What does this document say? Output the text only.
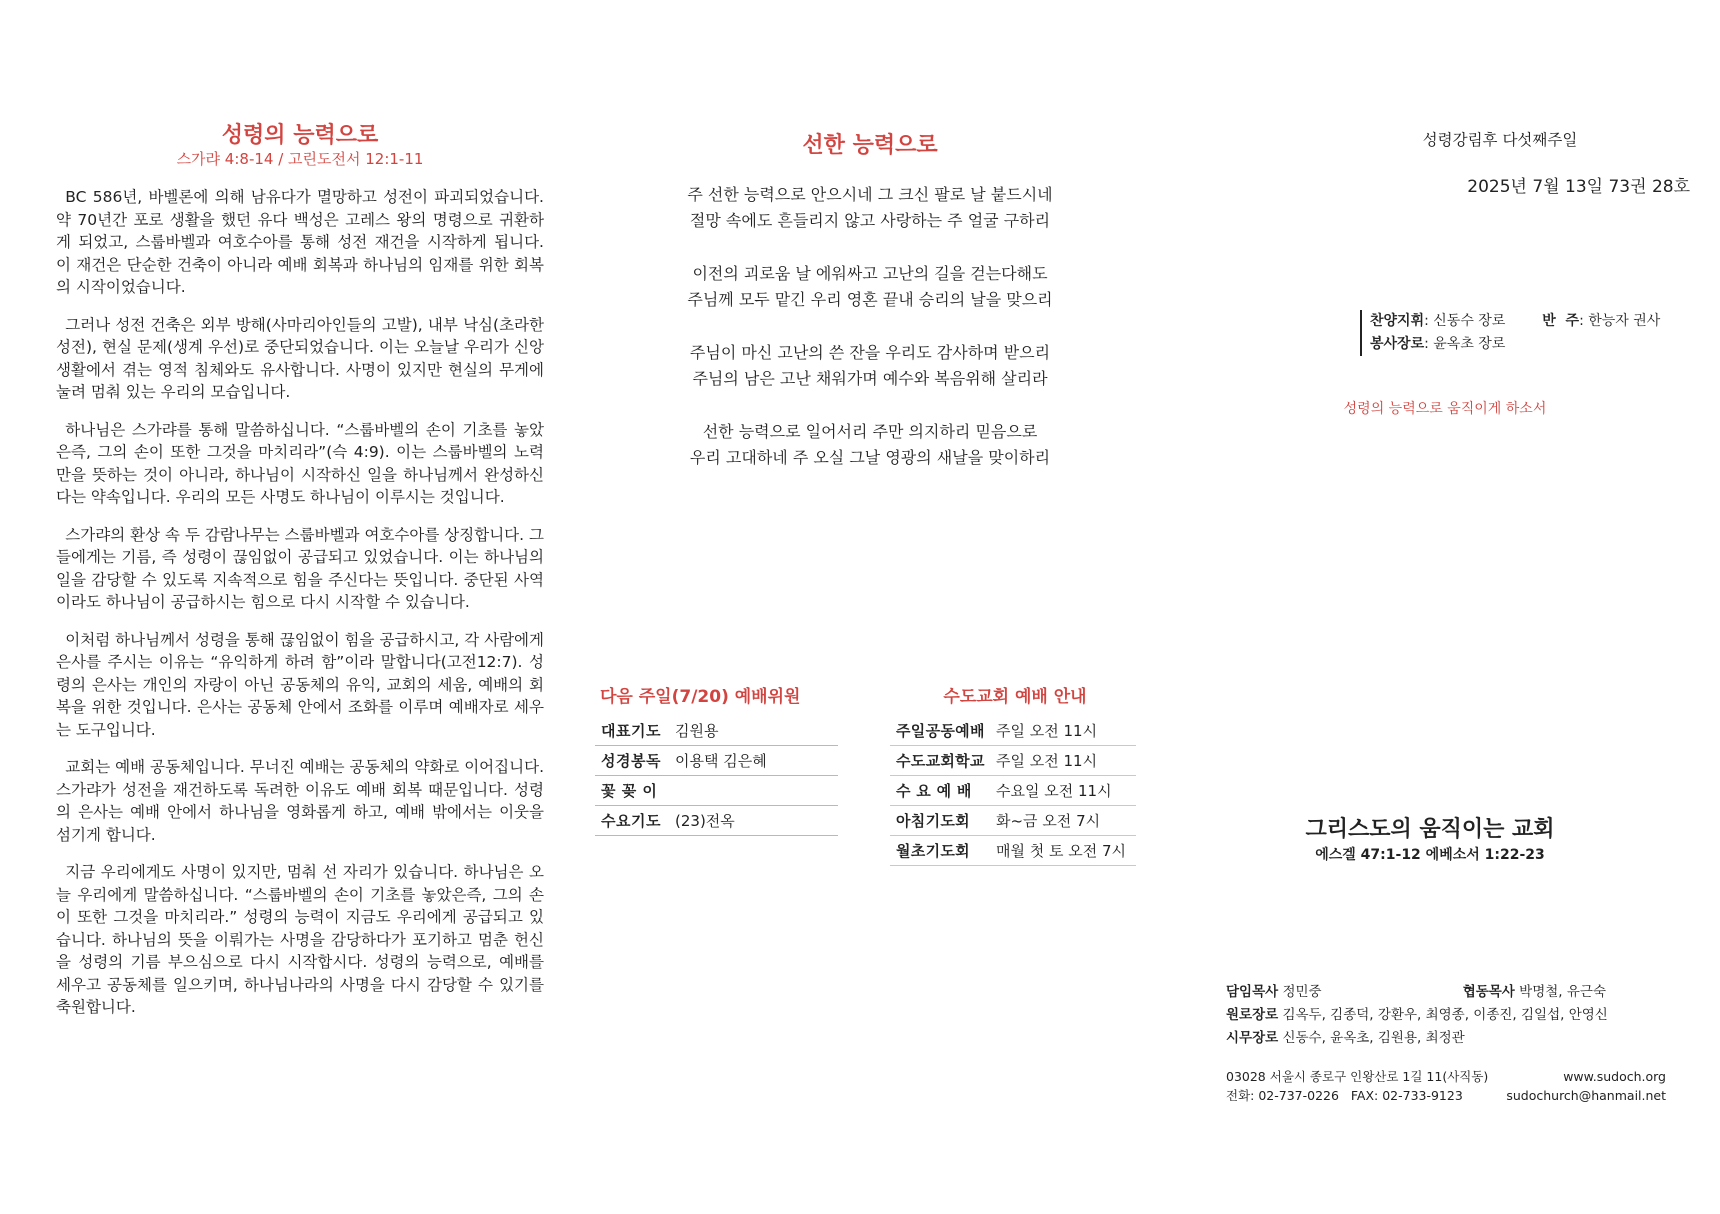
성령의 능력으로
스가랴 4:8-14 / 고린도전서 12:1-11

BC 586년, 바벨론에 의해 남유다가 멸망하고 성전이 파괴되었습니다. 약 70년간 포로 생활을 했던 유다 백성은 고레스 왕의 명령으로 귀환하게 되었고, 스룹바벨과 여호수아를 통해 성전 재건을 시작하게 됩니다. 이 재건은 단순한 건축이 아니라 예배 회복과 하나님의 임재를 위한 회복의 시작이었습니다.

그러나 성전 건축은 외부 방해(사마리아인들의 고발), 내부 낙심(초라한 성전), 현실 문제(생계 우선)로 중단되었습니다. 이는 오늘날 우리가 신앙생활에서 겪는 영적 침체와도 유사합니다. 사명이 있지만 현실의 무게에 눌려 멈춰 있는 우리의 모습입니다.

하나님은 스가랴를 통해 말씀하십니다. “스룹바벨의 손이 기초를 놓았은즉, 그의 손이 또한 그것을 마치리라”(슥 4:9). 이는 스룹바벨의 노력만을 뜻하는 것이 아니라, 하나님이 시작하신 일을 하나님께서 완성하신다는 약속입니다. 우리의 모든 사명도 하나님이 이루시는 것입니다.

스가랴의 환상 속 두 감람나무는 스룹바벨과 여호수아를 상징합니다. 그들에게는 기름, 즉 성령이 끊임없이 공급되고 있었습니다. 이는 하나님의 일을 감당할 수 있도록 지속적으로 힘을 주신다는 뜻입니다. 중단된 사역이라도 하나님이 공급하시는 힘으로 다시 시작할 수 있습니다.

이처럼 하나님께서 성령을 통해 끊임없이 힘을 공급하시고, 각 사람에게 은사를 주시는 이유는 “유익하게 하려 함”이라 말합니다(고전12:7). 성령의 은사는 개인의 자랑이 아닌 공동체의 유익, 교회의 세움, 예배의 회복을 위한 것입니다. 은사는 공동체 안에서 조화를 이루며 예배자로 세우는 도구입니다.

교회는 예배 공동체입니다. 무너진 예배는 공동체의 약화로 이어집니다. 스가랴가 성전을 재건하도록 독려한 이유도 예배 회복 때문입니다. 성령의 은사는 예배 안에서 하나님을 영화롭게 하고, 예배 밖에서는 이웃을 섬기게 합니다.

지금 우리에게도 사명이 있지만, 멈춰 선 자리가 있습니다. 하나님은 오늘 우리에게 말씀하십니다. “스룹바벨의 손이 기초를 놓았은즉, 그의 손이 또한 그것을 마치리라.” 성령의 능력이 지금도 우리에게 공급되고 있습니다. 하나님의 뜻을 이뤄가는 사명을 감당하다가 포기하고 멈춘 헌신을 성령의 기름 부으심으로 다시 시작합시다. 성령의 능력으로, 예배를 세우고 공동체를 일으키며, 하나님나라의 사명을 다시 감당할 수 있기를 축원합니다.

선한 능력으로
주 선한 능력으로 안으시네 그 크신 팔로 날 붙드시네
절망 속에도 흔들리지 않고 사랑하는 주 얼굴 구하리
이전의 괴로움 날 에워싸고 고난의 길을 걷는다해도
주님께 모두 맡긴 우리 영혼 끝내 승리의 날을 맞으리
주님이 마신 고난의 쓴 잔을 우리도 감사하며 받으리
주님의 남은 고난 채워가며 예수와 복음위해 살리라
선한 능력으로 일어서리 주만 의지하리 믿음으로
우리 고대하네 주 오실 그날 영광의 새날을 맞이하리
다음 주일(7/20) 예배위원
대표기도	김원용
성경봉독	이용택 김은혜
꽃 꽂 이	
수요기도	(23)전옥
수도교회 예배 안내
주일공동예배	주일 오전 11시
수도교회학교	주일 오전 11시
수 요 예 배	수요일 오전 11시
아침기도회	화~금 오전 7시
월초기도회	매월 첫 토 오전 7시
성령강림후 다섯째주일
2025년 7월 13일 73권 28호
찬양지휘: 신동수 장로	반  주: 한능자 권사
봉사장로: 윤옥초 장로
성령의 능력으로 움직이게 하소서
그리스도의 움직이는 교회
에스겔 47:1-12 에베소서 1:22-23
담임목사 정민중	협동목사 박명철, 유근숙
원로장로 김옥두, 김종덕, 강환우, 최영종, 이종진, 김일섭, 안영신
시무장로 신동수, 윤옥초, 김원용, 최정관
03028 서울시 종로구 인왕산로 1길 11(사직동)	www.sudoch.org
전화: 02-737-0226   FAX: 02-733-9123	sudochurch@hanmail.net
